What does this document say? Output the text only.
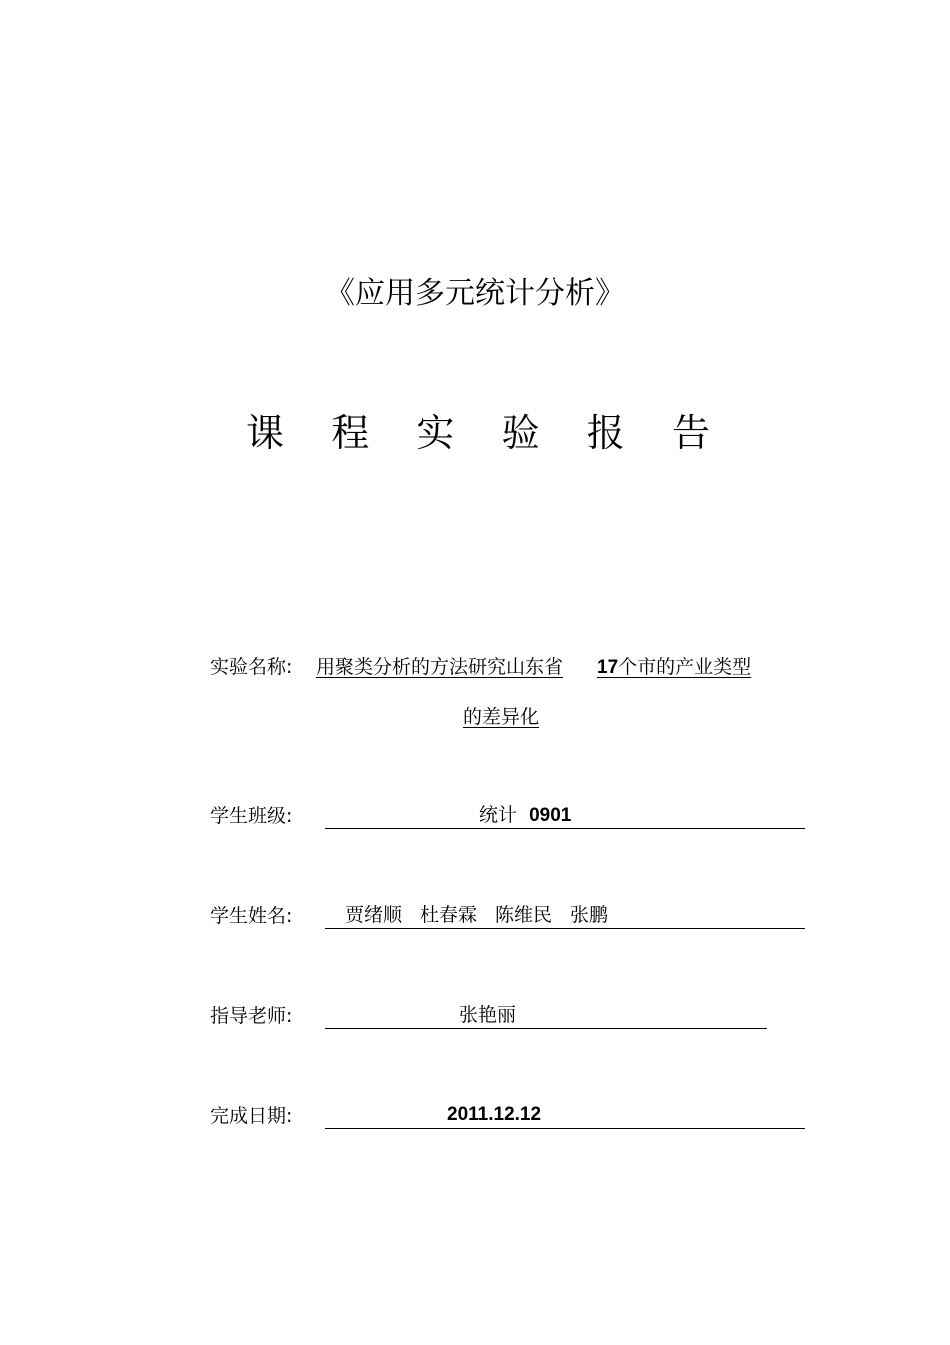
《应用多元统计分析》
课 程 实 验 报 告
实验名称: 用聚类分析的方法研究山东省 17个市的产业类型
的差异化
学生班级:	统计 0901
学生姓名:	贾绪顺 杜春霖 陈维民 张鹏
指导老师:	张艳丽
完成日期:	2011.12.12
